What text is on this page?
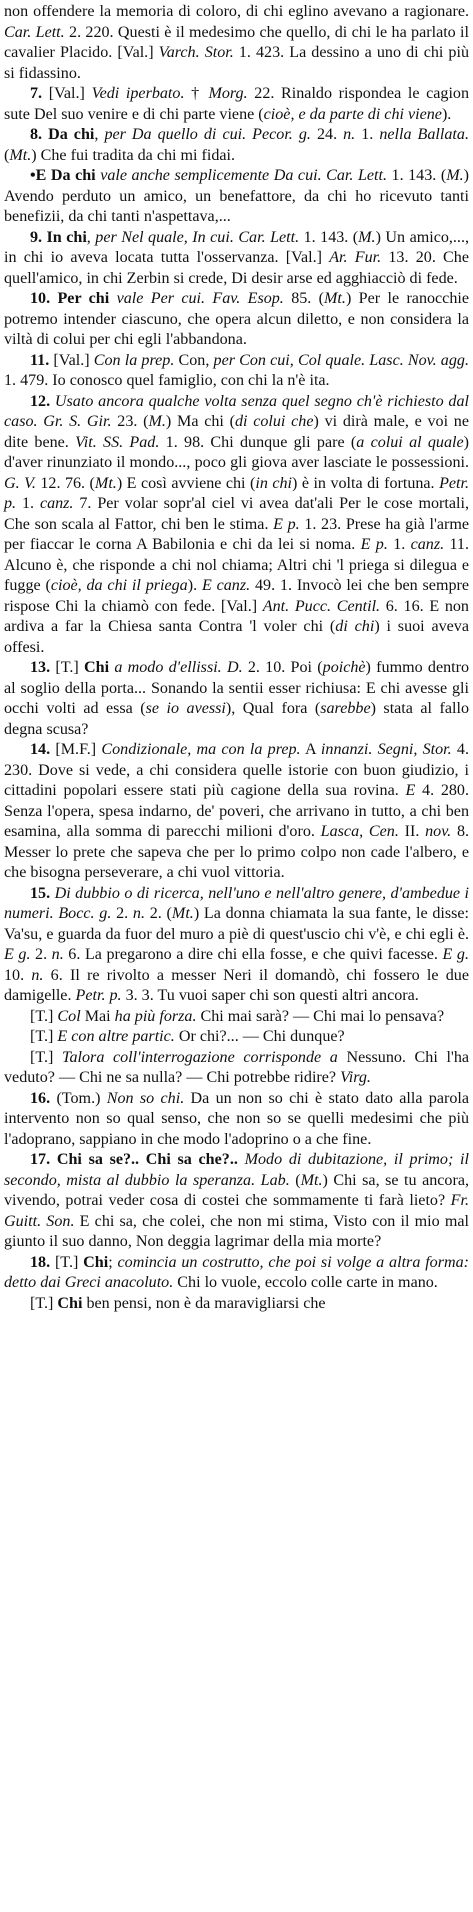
non offendere la memoria di coloro, di chi eglino avevano a ragionare. Car. Lett. 2. 220. Questi è il medesimo che quello, di chi le ha parlato il cavalier Placido. [Val.] Varch. Stor. 1. 423. La dessino a uno di chi più si fidassino.

7. [Val.] Vedi iperbato. † Morg. 22. Rinaldo rispondea le cagion sute Del suo venire e di chi parte viene (cioè, e da parte di chi viene).

8. Da chi, per Da quello di cui. Pecor. g. 24. n. 1. nella Ballata. (Mt.) Che fui tradita da chi mi fidai.

•E Da chi vale anche semplicemente Da cui. Car. Lett. 1. 143. (M.) Avendo perduto un amico, un benefattore, da chi ho ricevuto tanti benefizii, da chi tanti n'aspettava,...

9. In chi, per Nel quale, In cui. Car. Lett. 1. 143. (M.) Un amico,..., in chi io aveva locata tutta l'osservanza. [Val.] Ar. Fur. 13. 20. Che quell'amico, in chi Zerbin si crede, Di desir arse ed agghiacciò di fede.

10. Per chi vale Per cui. Fav. Esop. 85. (Mt.) Per le ranocchie potremo intender ciascuno, che opera alcun diletto, e non considera la viltà di colui per chi egli l'abbandona.

11. [Val.] Con la prep. Con, per Con cui, Col quale. Lasc. Nov. agg. 1. 479. Io conosco quel famiglio, con chi la n'è ita.

12. Usato ancora qualche volta senza quel segno ch'è richiesto dal caso. Gr. S. Gir. 23. (M.) Ma chi (di colui che) vi dirà male, e voi ne dite bene. Vit. SS. Pad. 1. 98. Chi dunque gli pare (a colui al quale) d'aver rinunziato il mondo..., poco gli giova aver lasciate le possessioni. G. V. 12. 76. (Mt.) E così avviene chi (in chi) è in volta di fortuna. Petr. p. 1. canz. 7. Per volar sopr'al ciel vi avea dat'ali Per le cose mortali, Che son scala al Fattor, chi ben le stima. E p. 1. 23. Prese ha già l'arme per fiaccar le corna A Babilonia e chi da lei si noma. E p. 1. canz. 11. Alcuno è, che risponde a chi nol chiama; Altri chi 'l priega si dilegua e fugge (cioè, da chi il priega). E canz. 49. 1. Invocò lei che ben sempre rispose Chi la chiamò con fede. [Val.] Ant. Pucc. Centil. 6. 16. E non ardiva a far la Chiesa santa Contra 'l voler chi (di chi) i suoi aveva offesi.

13. [T.] Chi a modo d'ellissi. D. 2. 10. Poi (poichè) fummo dentro al soglio della porta... Sonando la sentii esser richiusa: E chi avesse gli occhi volti ad essa (se io avessi), Qual fora (sarebbe) stata al fallo degna scusa?

14. [M.F.] Condizionale, ma con la prep. A innanzi. Segni, Stor. 4. 230. Dove si vede, a chi considera quelle istorie con buon giudizio, i cittadini popolari essere stati più cagione della sua rovina. E 4. 280. Senza l'opera, spesa indarno, de' poveri, che arrivano in tutto, a chi ben esamina, alla somma di parecchi milioni d'oro. Lasca, Cen. II. nov. 8. Messer lo prete che sapeva che per lo primo colpo non cade l'albero, e che bisogna perseverare, a chi vuol vittoria.

15. Di dubbio o di ricerca, nell'uno e nell'altro genere, d'ambedue i numeri. Bocc. g. 2. n. 2. (Mt.) La donna chiamata la sua fante, le disse: Va'su, e guarda da fuor del muro a piè di quest'uscio chi v'è, e chi egli è. E g. 2. n. 6. La pregarono a dire chi ella fosse, e che quivi facesse. E g. 10. n. 6. Il re rivolto a messer Neri il domandò, chi fossero le due damigelle. Petr. p. 3. 3. Tu vuoi saper chi son questi altri ancora.

[T.] Col Mai ha più forza. Chi mai sarà? — Chi mai lo pensava?

[T.] E con altre partic. Or chi?... — Chi dunque?

[T.] Talora coll'interrogazione corrisponde a Nessuno. Chi l'ha veduto? — Chi ne sa nulla? — Chi potrebbe ridire? Virg.

16. (Tom.) Non so chi. Da un non so chi è stato dato alla parola intervento non so qual senso, che non so se quelli medesimi che più l'adoprano, sappiano in che modo l'adoprino o a che fine.

17. Chi sa se?.. Chi sa che?.. Modo di dubitazione, il primo; il secondo, mista al dubbio la speranza. Lab. (Mt.) Chi sa, se tu ancora, vivendo, potrai veder cosa di costei che sommamente ti farà lieto? Fr. Guitt. Son. E chi sa, che colei, che non mi stima, Visto con il mio mal giunto il suo danno, Non deggia lagrimar della mia morte?

18. [T.] Chi; comincia un costrutto, che poi si volge a altra forma: detto dai Greci anacoluto. Chi lo vuole, eccolo colle carte in mano.

[T.] Chi ben pensi, non è da maravigliarsi che
